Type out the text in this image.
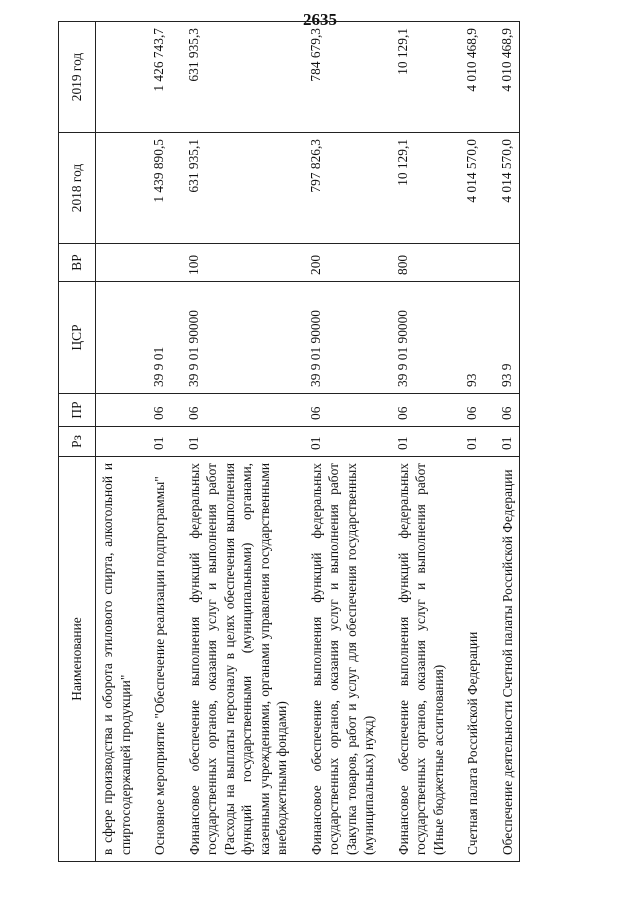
2635
Наименование	Рз	ПР	ЦСР	ВР	2018 год	2019 год
в сфере производства и оборота этилового спирта, алкогольной и спиртосодержащей продукции"						
Основное мероприятие "Обеспечение реализации подпрограммы"	01	06	39 9 01		1 439 890,5	1 426 743,7
Финансовое обеспечение выполнения функций федеральных государственных органов, оказания услуг и выполнения работ (Расходы на выплаты персоналу в целях обеспечения выполнения функций государственными (муниципальными) органами, казенными учреждениями, органами управления государственными внебюджетными фондами)	01	06	39 9 01 90000	100	631 935,1	631 935,3
Финансовое обеспечение выполнения функций федеральных государственных органов, оказания услуг и выполнения работ (Закупка товаров, работ и услуг для обеспечения государственных (муниципальных) нужд)	01	06	39 9 01 90000	200	797 826,3	784 679,3
Финансовое обеспечение выполнения функций федеральных государственных органов, оказания услуг и выполнения работ (Иные бюджетные ассигнования)	01	06	39 9 01 90000	800	10 129,1	10 129,1
Счетная палата Российской Федерации	01	06	93		4 014 570,0	4 010 468,9
Обеспечение деятельности Счетной палаты Российской Федерации	01	06	93 9		4 014 570,0	4 010 468,9
